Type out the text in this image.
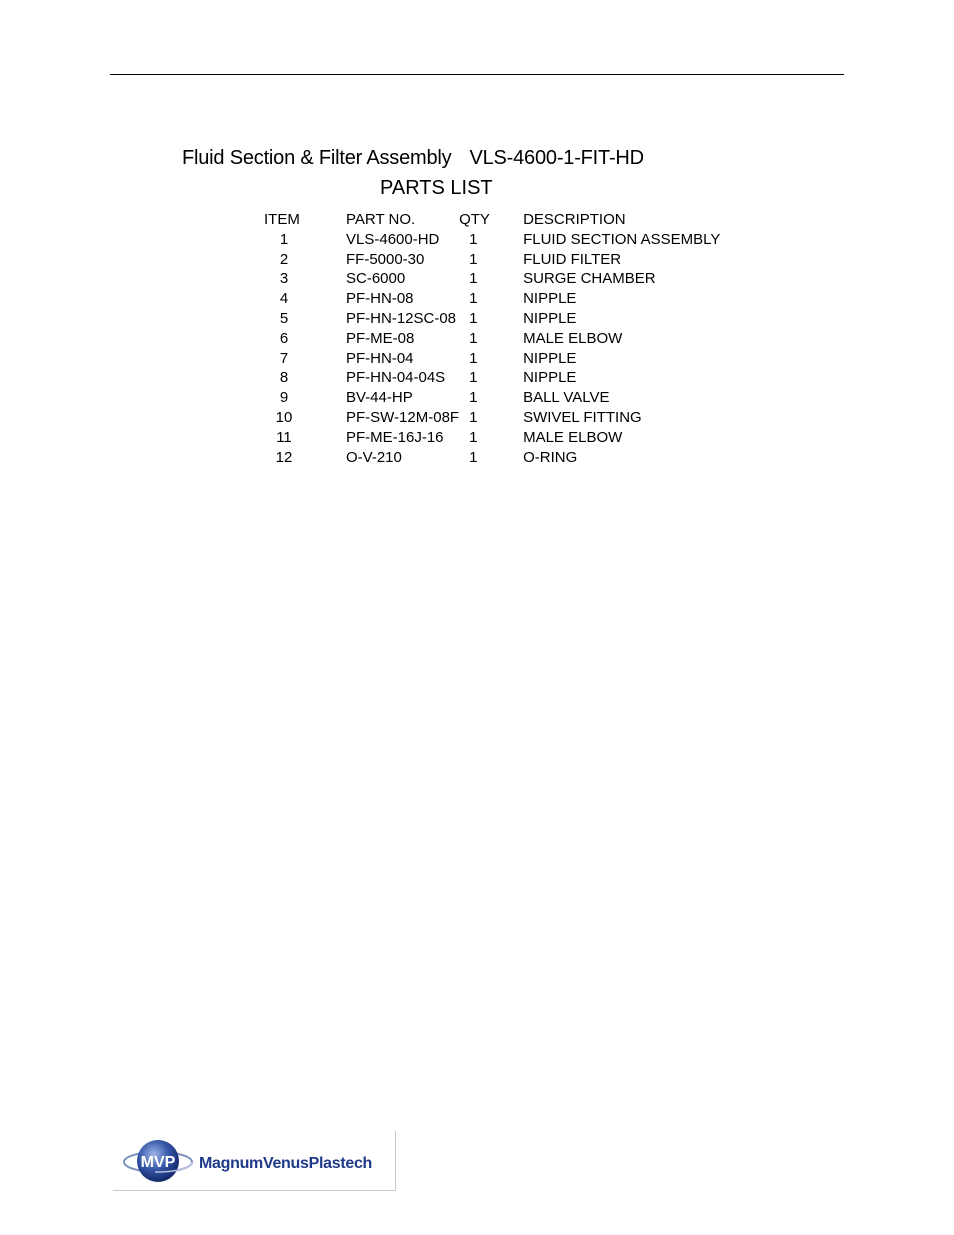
Fluid Section & Filter Assembly VLS-4600-1-FIT-HD
PARTS LIST
ITEM	PART NO.	QTY	DESCRIPTION
1	VLS-4600-HD	1	FLUID SECTION ASSEMBLY
2	FF-5000-30	1	FLUID FILTER
3	SC-6000	1	SURGE CHAMBER
4	PF-HN-08	1	NIPPLE
5	PF-HN-12SC-08	1	NIPPLE
6	PF-ME-08	1	MALE ELBOW
7	PF-HN-04	1	NIPPLE
8	PF-HN-04-04S	1	NIPPLE
9	BV-44-HP	1	BALL VALVE
10	PF-SW-12M-08F	1	SWIVEL FITTING
11	PF-ME-16J-16	1	MALE ELBOW
12	O-V-210	1	O-RING
MVP MagnumVenusPlastech
